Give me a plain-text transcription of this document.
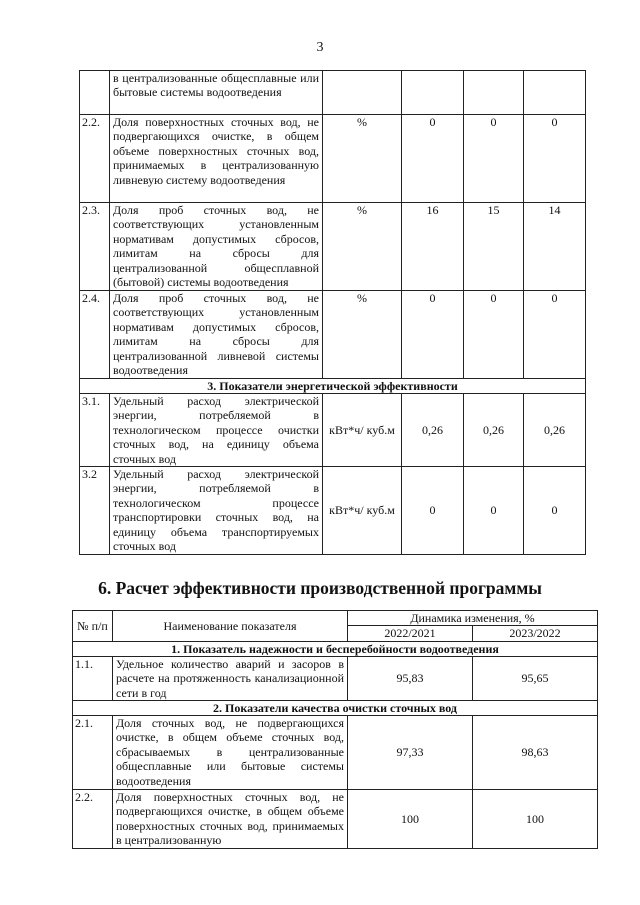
3
	в централизованные общесплавные или бытовые системы водоотведения				
2.2.	Доля поверхностных сточных вод, не подвергающихся очистке, в общем объеме поверхностных сточных вод, принимаемых в централизованную ливневую систему водоотведения	%	0	0	0
2.3.	Доля проб сточных вод, не соответствующих установленным нормативам допустимых сбросов, лимитам на сбросы для централизованной общесплавной (бытовой) системы водоотведения	%	16	15	14
2.4.	Доля проб сточных вод, не соответствующих установленным нормативам допустимых сбросов, лимитам на сбросы для централизованной ливневой системы водоотведения	%	0	0	0
3. Показатели энергетической эффективности					
3.1.	Удельный расход электрической энергии, потребляемой в технологическом процессе очистки сточных вод, на единицу объема сточных вод	кВт*ч/ куб.м	0,26	0,26	0,26
3.2	Удельный расход электрической энергии, потребляемой в технологическом процессе транспортировки сточных вод, на единицу объема транспортируемых сточных вод	кВт*ч/ куб.м	0	0	0
6. Расчет эффективности производственной программы
№ п/п	Наименование показателя	Динамика изменения, %	
		2022/2021	2023/2022
1. Показатель надежности и бесперебойности водоотведения			
1.1.	Удельное количество аварий и засоров в расчете на протяженность канализационной сети в год	95,83	95,65
2. Показатели качества очистки сточных вод			
2.1.	Доля сточных вод, не подвергающихся очистке, в общем объеме сточных вод, сбрасываемых в централизованные общесплавные или бытовые системы водоотведения	97,33	98,63
2.2.	Доля поверхностных сточных вод, не подвергающихся очистке, в общем объеме поверхностных сточных вод, принимаемых в централизованную	100	100
